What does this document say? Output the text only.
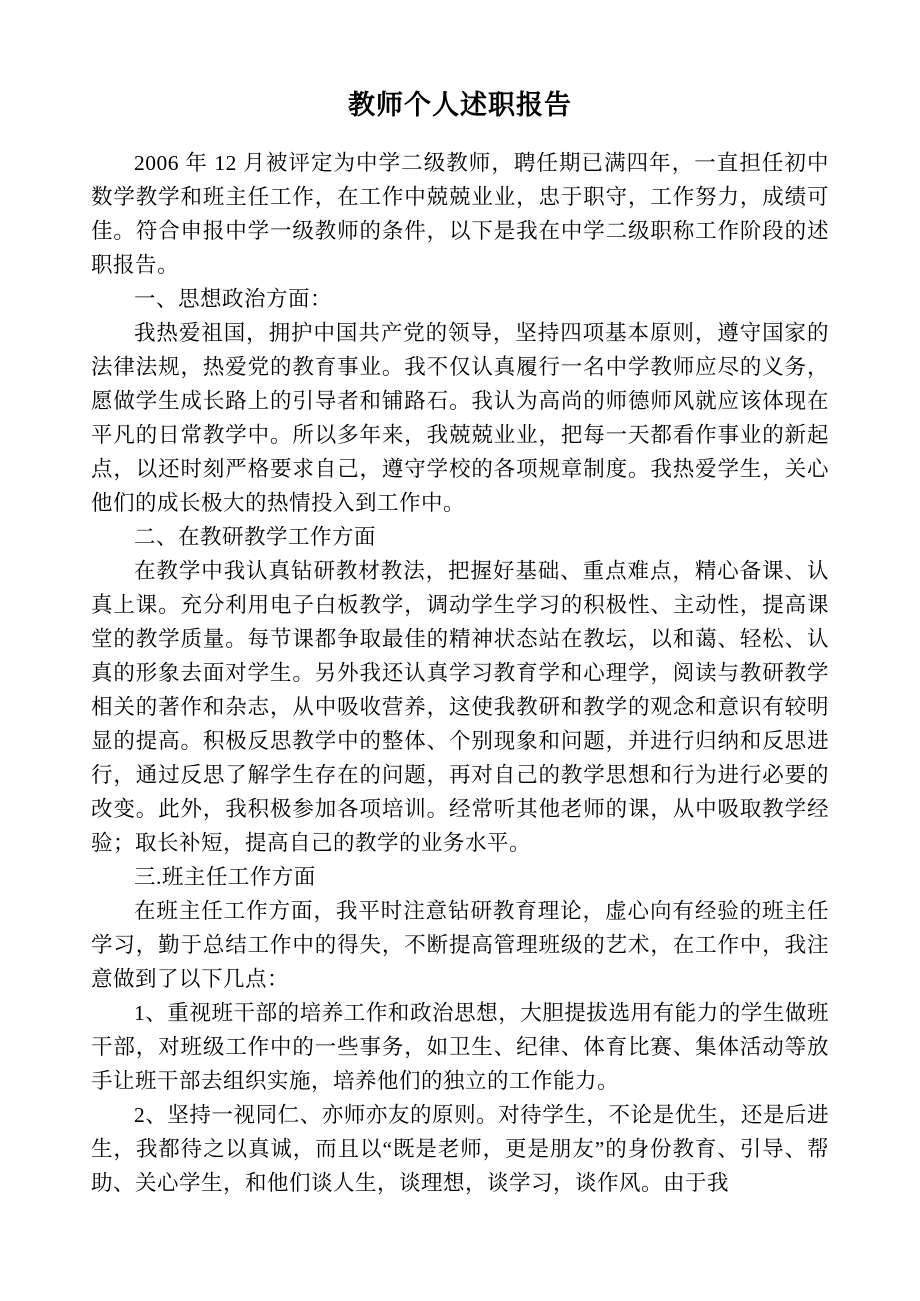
教师个人述职报告

2006 年 12 月被评定为中学二级教师，聘任期已满四年，一直担任初中数学教学和班主任工作，在工作中兢兢业业，忠于职守，工作努力，成绩可佳。符合申报中学一级教师的条件，以下是我在中学二级职称工作阶段的述职报告。

一、思想政治方面：

我热爱祖国，拥护中国共产党的领导，坚持四项基本原则，遵守国家的法律法规，热爱党的教育事业。我不仅认真履行一名中学教师应尽的义务，愿做学生成长路上的引导者和铺路石。我认为高尚的师德师风就应该体现在平凡的日常教学中。所以多年来，我兢兢业业，把每一天都看作事业的新起点，以还时刻严格要求自己，遵守学校的各项规章制度。我热爱学生，关心他们的成长极大的热情投入到工作中。

二、在教研教学工作方面

在教学中我认真钻研教材教法，把握好基础、重点难点，精心备课、认真上课。充分利用电子白板教学，调动学生学习的积极性、主动性，提高课堂的教学质量。每节课都争取最佳的精神状态站在教坛，以和蔼、轻松、认真的形象去面对学生。另外我还认真学习教育学和心理学，阅读与教研教学相关的著作和杂志，从中吸收营养，这使我教研和教学的观念和意识有较明显的提高。积极反思教学中的整体、个别现象和问题，并进行归纳和反思进行，通过反思了解学生存在的问题，再对自己的教学思想和行为进行必要的改变。此外，我积极参加各项培训。经常听其他老师的课，从中吸取教学经验；取长补短，提高自己的教学的业务水平。

三.班主任工作方面

在班主任工作方面，我平时注意钻研教育理论，虚心向有经验的班主任学习，勤于总结工作中的得失，不断提高管理班级的艺术，在工作中，我注意做到了以下几点：

1、重视班干部的培养工作和政治思想，大胆提拔选用有能力的学生做班干部，对班级工作中的一些事务，如卫生、纪律、体育比赛、集体活动等放手让班干部去组织实施，培养他们的独立的工作能力。

2、坚持一视同仁、亦师亦友的原则。对待学生，不论是优生，还是后进生，我都待之以真诚，而且以“既是老师，更是朋友”的身份教育、引导、帮助、关心学生，和他们谈人生，谈理想，谈学习，谈作风。由于我
